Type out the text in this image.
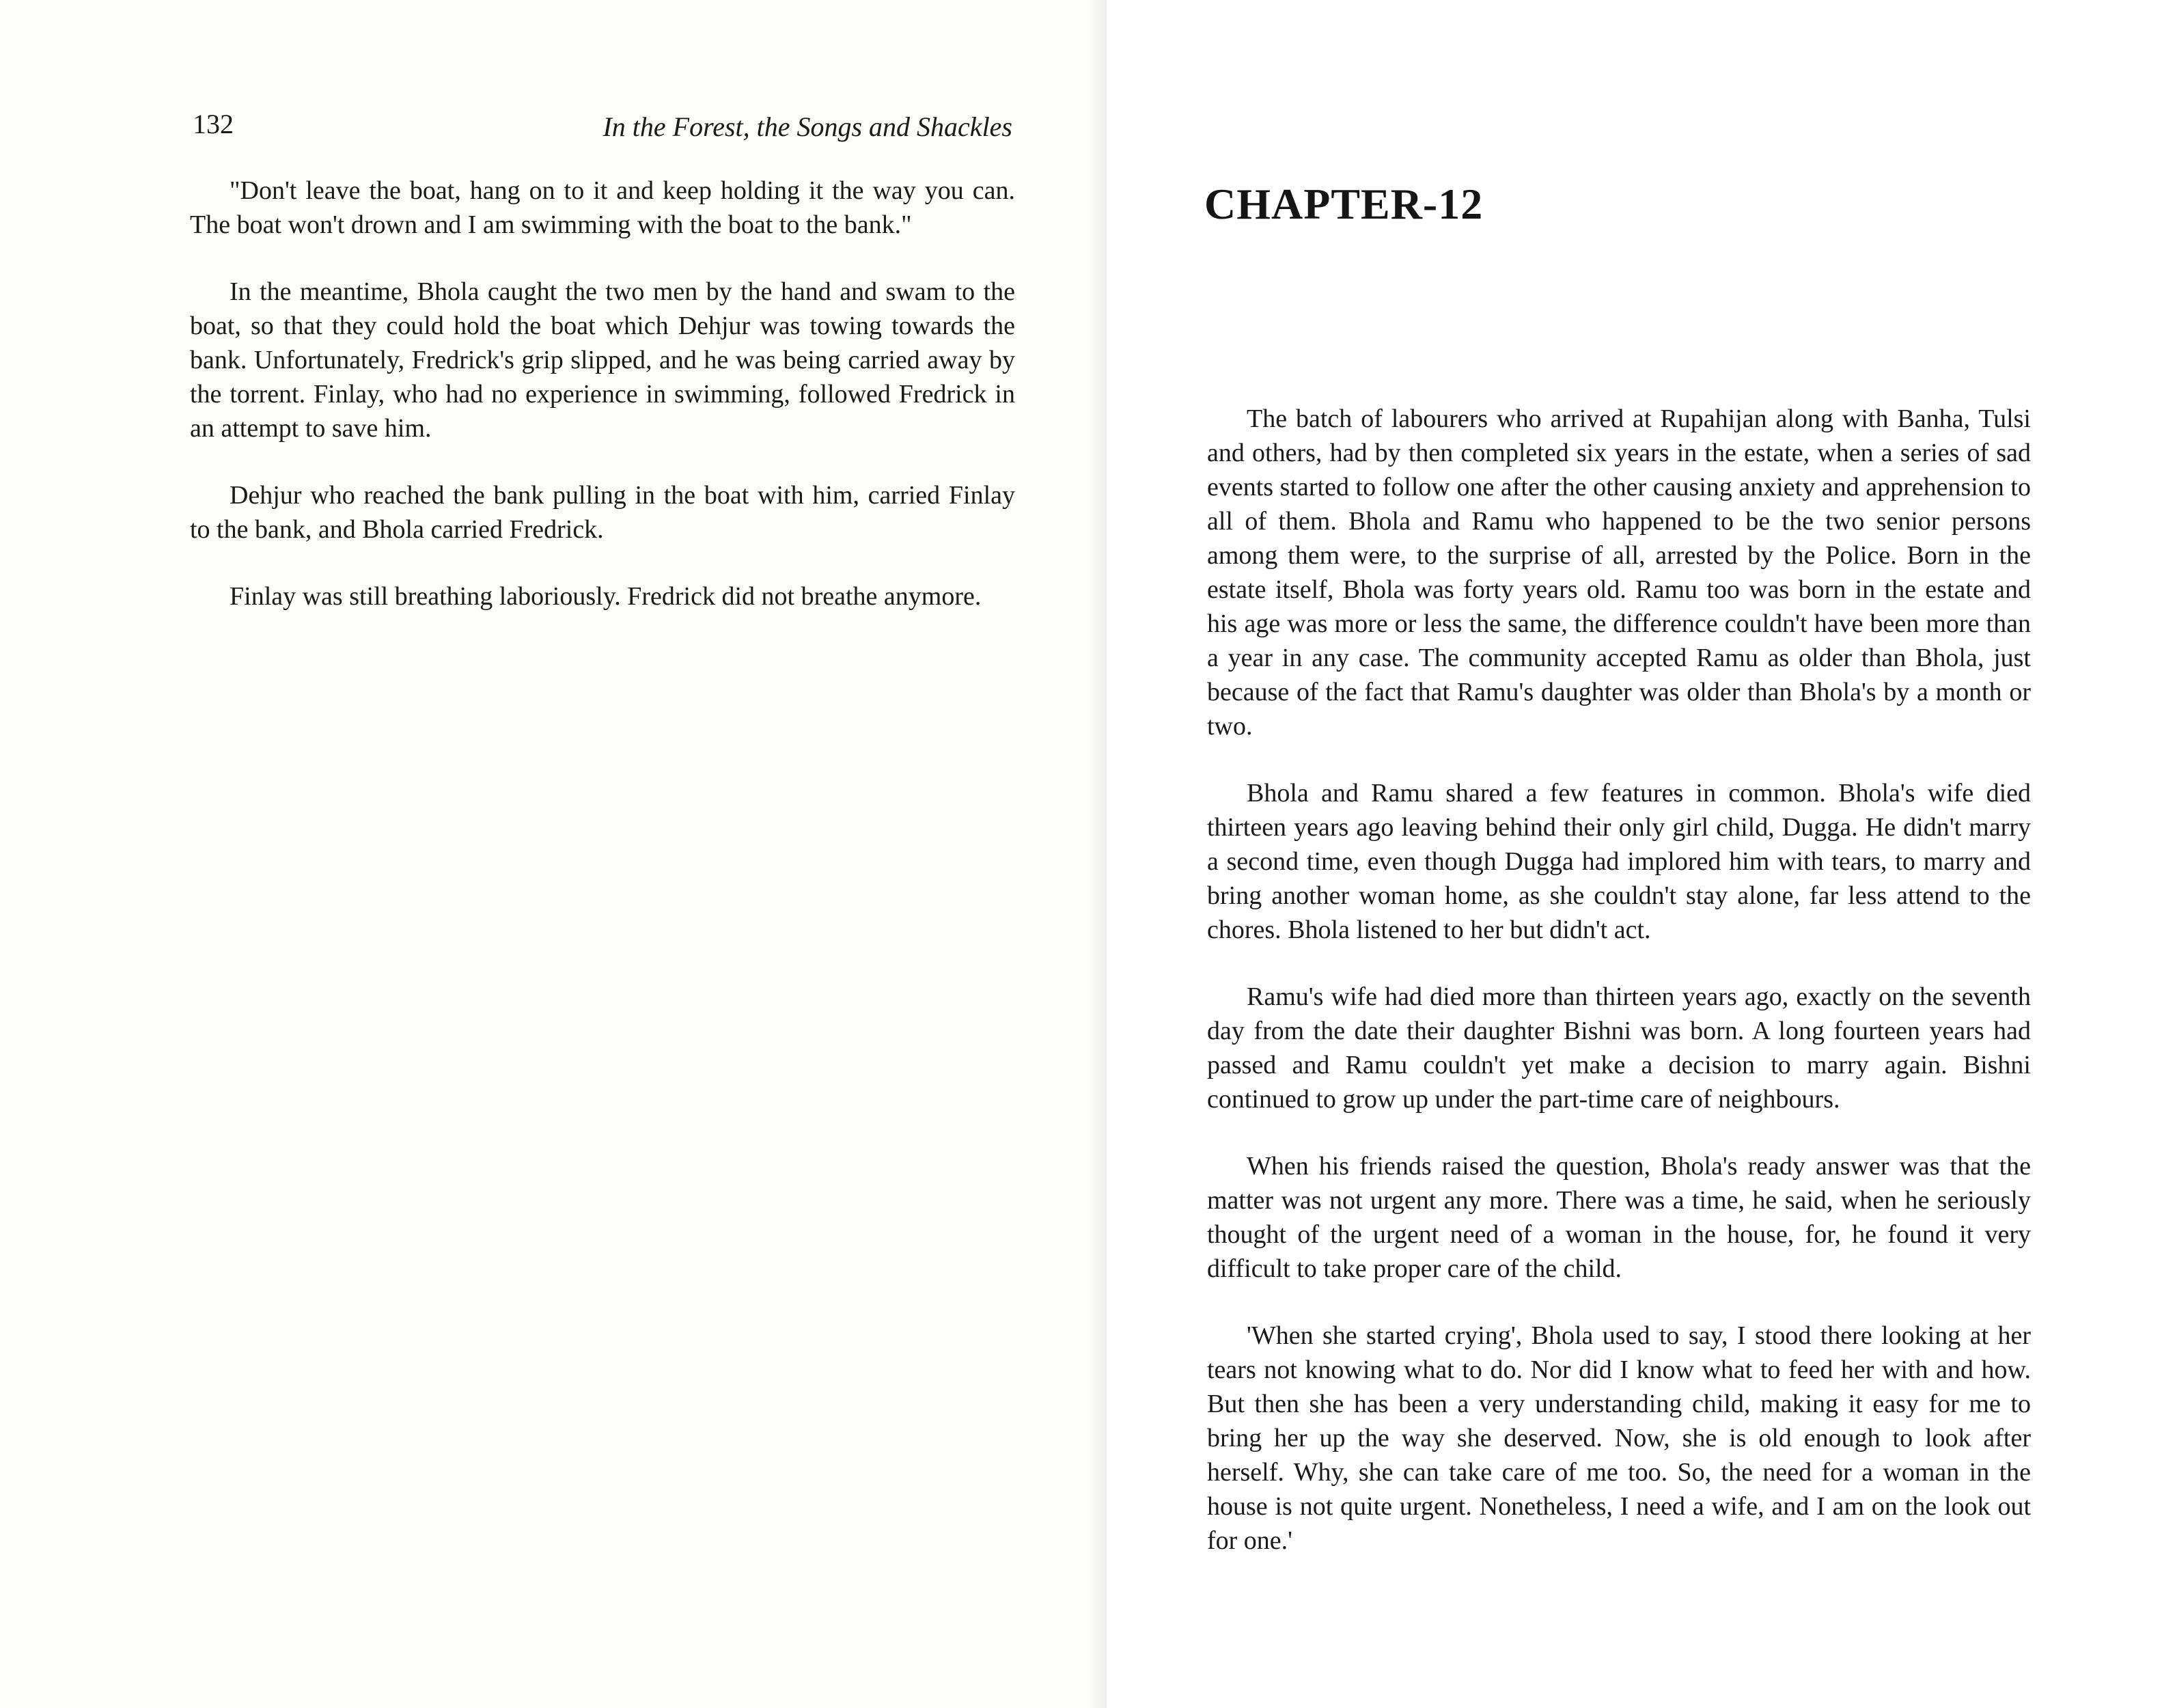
132	In the Forest, the Songs and Shackles

"Don't leave the boat, hang on to it and keep holding it the way you can. The boat won't drown and I am swimming with the boat to the bank."

In the meantime, Bhola caught the two men by the hand and swam to the boat, so that they could hold the boat which Dehjur was towing towards the bank. Unfortunately, Fredrick's grip slipped, and he was being carried away by the torrent. Finlay, who had no experience in swimming, followed Fredrick in an attempt to save him.

Dehjur who reached the bank pulling in the boat with him, carried Finlay to the bank, and Bhola carried Fredrick.

Finlay was still breathing laboriously. Fredrick did not breathe anymore.

CHAPTER-12

The batch of labourers who arrived at Rupahijan along with Banha, Tulsi and others, had by then completed six years in the estate, when a series of sad events started to follow one after the other causing anxiety and apprehension to all of them. Bhola and Ramu who happened to be the two senior persons among them were, to the surprise of all, arrested by the Police. Born in the estate itself, Bhola was forty years old. Ramu too was born in the estate and his age was more or less the same, the difference couldn't have been more than a year in any case. The community accepted Ramu as older than Bhola, just because of the fact that Ramu's daughter was older than Bhola's by a month or two.

Bhola and Ramu shared a few features in common. Bhola's wife died thirteen years ago leaving behind their only girl child, Dugga. He didn't marry a second time, even though Dugga had implored him with tears, to marry and bring another woman home, as she couldn't stay alone, far less attend to the chores. Bhola listened to her but didn't act.

Ramu's wife had died more than thirteen years ago, exactly on the seventh day from the date their daughter Bishni was born. A long fourteen years had passed and Ramu couldn't yet make a decision to marry again. Bishni continued to grow up under the part-time care of neighbours.

When his friends raised the question, Bhola's ready answer was that the matter was not urgent any more. There was a time, he said, when he seriously thought of the urgent need of a woman in the house, for, he found it very difficult to take proper care of the child.

'When she started crying', Bhola used to say, I stood there looking at her tears not knowing what to do. Nor did I know what to feed her with and how. But then she has been a very understanding child, making it easy for me to bring her up the way she deserved. Now, she is old enough to look after herself. Why, she can take care of me too. So, the need for a woman in the house is not quite urgent. Nonetheless, I need a wife, and I am on the look out for one.'
